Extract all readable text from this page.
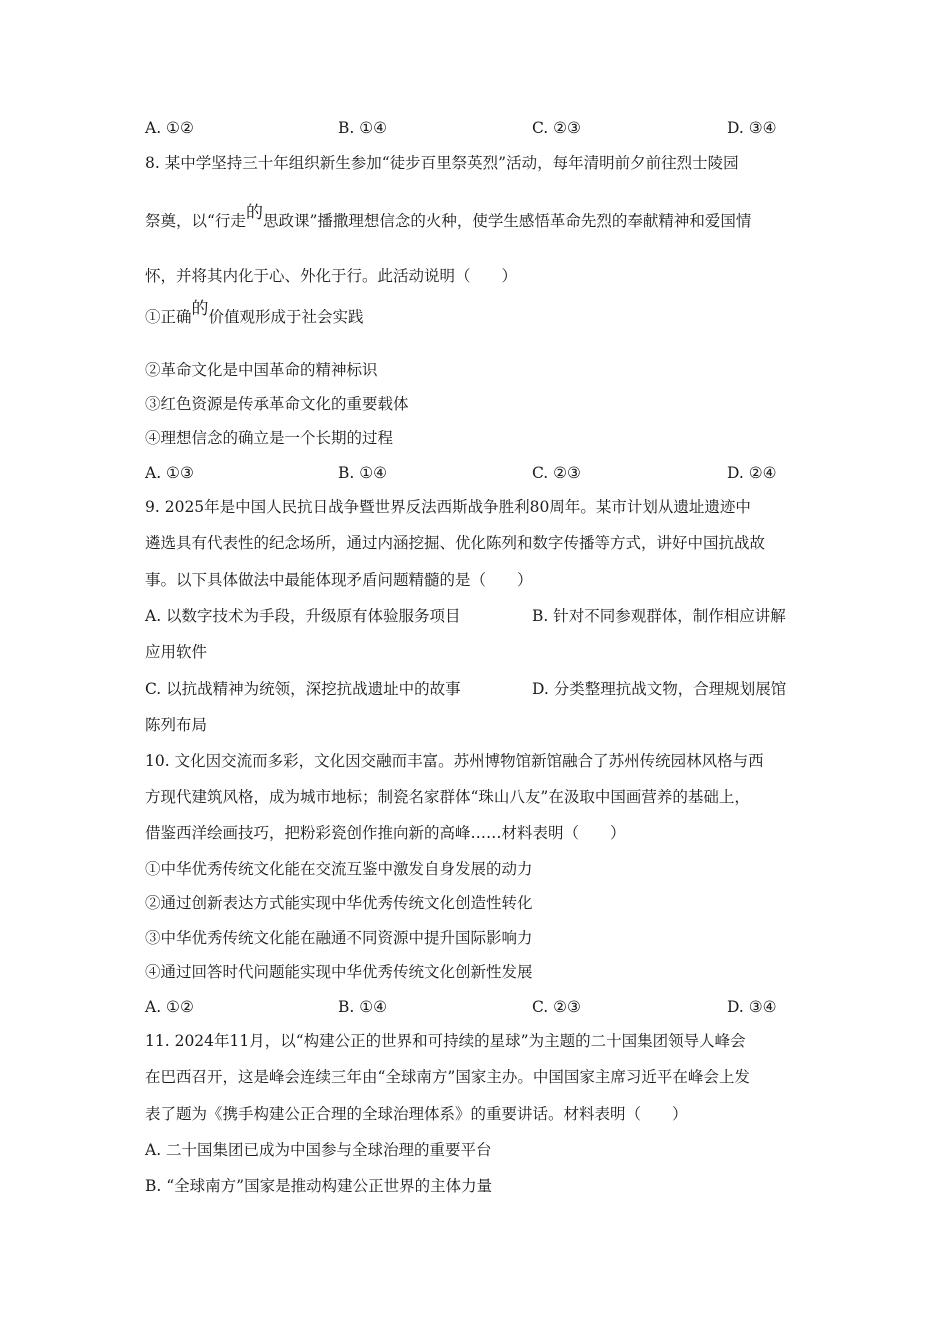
A. ①②	B. ①④	C. ②③	D. ③④
8. 某中学坚持三十年组织新生参加“徒步百里祭英烈”活动，每年清明前夕前往烈士陵园
祭奠，以“行走的思政课”播撒理想信念的火种，使学生感悟革命先烈的奉献精神和爱国情
怀，并将其内化于心、外化于行。此活动说明（　　）
①正确的价值观形成于社会实践
②革命文化是中国革命的精神标识
③红色资源是传承革命文化的重要载体
④理想信念的确立是一个长期的过程
A. ①③	B. ①④	C. ②③	D. ②④
9. 2025年是中国人民抗日战争暨世界反法西斯战争胜利80周年。某市计划从遗址遗迹中
遴选具有代表性的纪念场所，通过内涵挖掘、优化陈列和数字传播等方式，讲好中国抗战故
事。以下具体做法中最能体现矛盾问题精髓的是（　　）
A. 以数字技术为手段，升级原有体验服务项目	B. 针对不同参观群体，制作相应讲解
应用软件
C. 以抗战精神为统领，深挖抗战遗址中的故事	D. 分类整理抗战文物，合理规划展馆
陈列布局
10. 文化因交流而多彩，文化因交融而丰富。苏州博物馆新馆融合了苏州传统园林风格与西
方现代建筑风格，成为城市地标；制瓷名家群体“珠山八友”在汲取中国画营养的基础上，
借鉴西洋绘画技巧，把粉彩瓷创作推向新的高峰……材料表明（　　）
①中华优秀传统文化能在交流互鉴中激发自身发展的动力
②通过创新表达方式能实现中华优秀传统文化创造性转化
③中华优秀传统文化能在融通不同资源中提升国际影响力
④通过回答时代问题能实现中华优秀传统文化创新性发展
A. ①②	B. ①④	C. ②③	D. ③④
11. 2024年11月，以“构建公正的世界和可持续的星球”为主题的二十国集团领导人峰会
在巴西召开，这是峰会连续三年由“全球南方”国家主办。中国国家主席习近平在峰会上发
表了题为《携手构建公正合理的全球治理体系》的重要讲话。材料表明（　　）
A. 二十国集团已成为中国参与全球治理的重要平台
B. “全球南方”国家是推动构建公正世界的主体力量
